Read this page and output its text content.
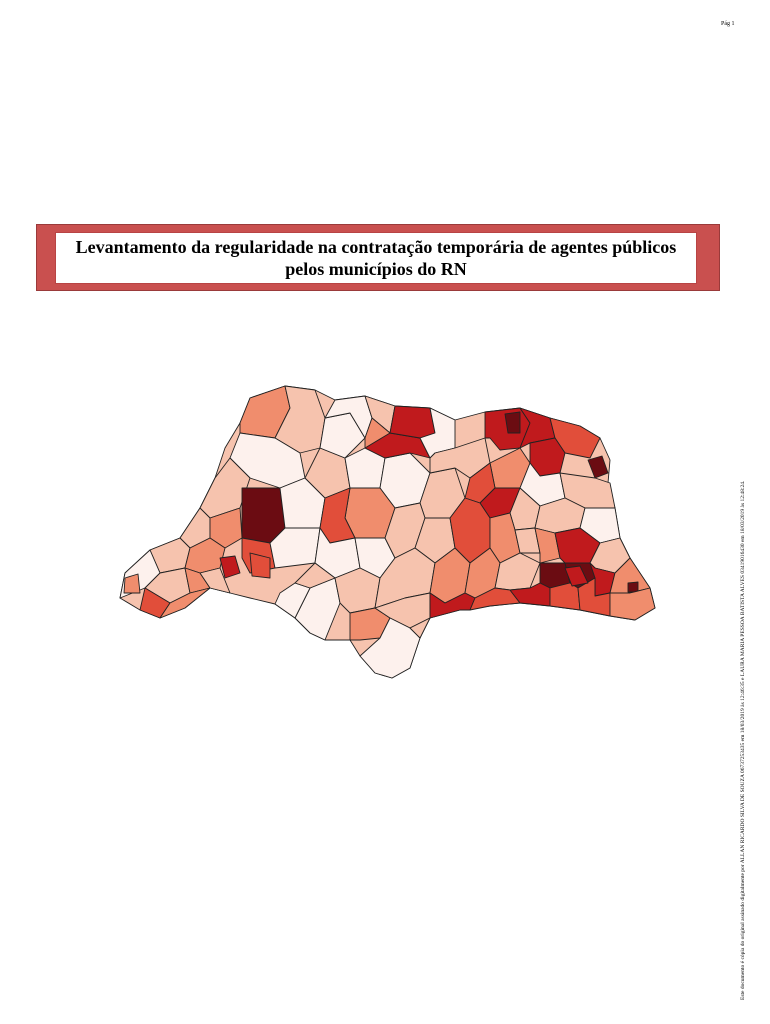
Pág 1

Levantamento da regularidade na contratação temporária de agentes públicos pelos municípios do RN

Este documento é cópia do original assinado digitalmente por ALLAN RICARDO SILVA DE SOUZA 06737253435 em 18/03/2019 às 12:46:35 e LAURA MARIA PESSOA BATISTA ALVES 03419016430 em 18/03/2019 às 12:48:24.
